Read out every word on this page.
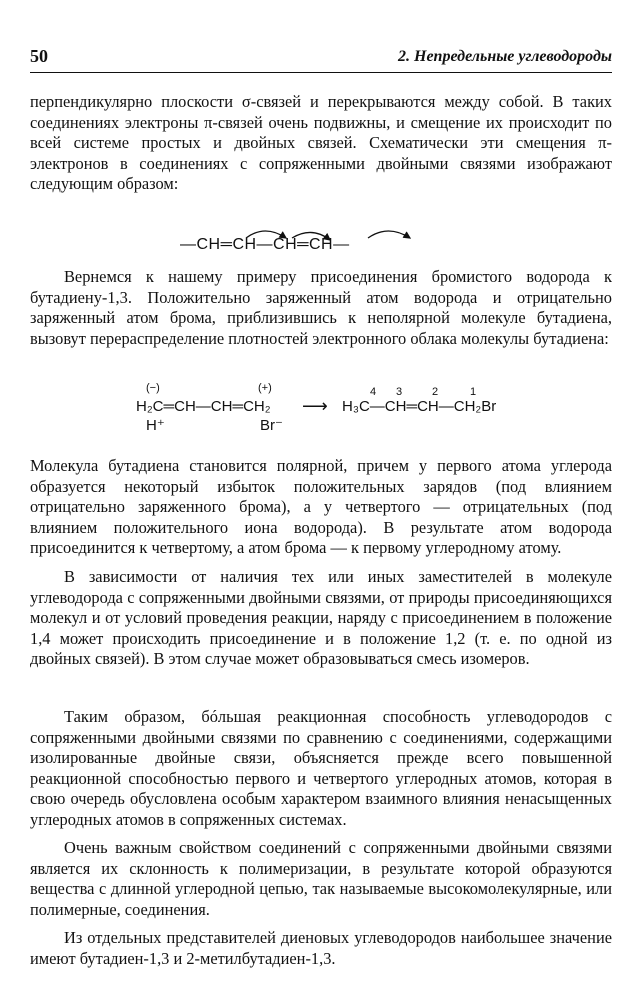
50	2. Непредельные углеводороды

перпендикулярно плоскости σ-связей и перекрываются между собой. В таких соединениях электроны π-связей очень подвижны, и смещение их происходит по всей системе простых и двойных связей. Схематически эти смещения π-электронов в соединениях с сопряженными двойными связями изображают следующим образом:

—CH═CH—CH═CH—

Вернемся к нашему примеру присоединения бромистого водорода к бутадиену-1,3. Положительно заряженный атом водорода и отрицательно заряженный атом брома, приблизившись к неполярной молекуле бутадиена, вызовут перераспределение плотностей электронного облака молекулы бутадиена:

(−)	(+)
H₂C═CH—CH═CH₂
H⁺	Br⁻
⟶
4 3	2	1
H₃C—CH═CH—CH₂Br

Молекула бутадиена становится полярной, причем у первого атома углерода образуется некоторый избыток положительных зарядов (под влиянием отрицательно заряженного брома), а у четвертого — отрицательных (под влиянием положительного иона водорода). В результате атом водорода присоединится к четвертому, а атом брома — к первому углеродному атому.

В зависимости от наличия тех или иных заместителей в молекуле углеводорода с сопряженными двойными связями, от природы присоединяющихся молекул и от условий проведения реакции, наряду с присоединением в положение 1,4 может происходить присоединение и в положение 1,2 (т. е. по одной из двойных связей). В этом случае может образовываться смесь изомеров.

Таким образом, бóльшая реакционная способность углеводородов с сопряженными двойными связями по сравнению с соединениями, содержащими изолированные двойные связи, объясняется прежде всего повышенной реакционной способностью первого и четвертого углеродных атомов, которая в свою очередь обусловлена особым характером взаимного влияния ненасыщенных углеродных атомов в сопряженных системах.

Очень важным свойством соединений с сопряженными двойными связями является их склонность к полимеризации, в результате которой образуются вещества с длинной углеродной цепью, так называемые высокомолекулярные, или полимерные, соединения.

Из отдельных представителей диеновых углеводородов наибольшее значение имеют бутадиен-1,3 и 2-метилбутадиен-1,3.
